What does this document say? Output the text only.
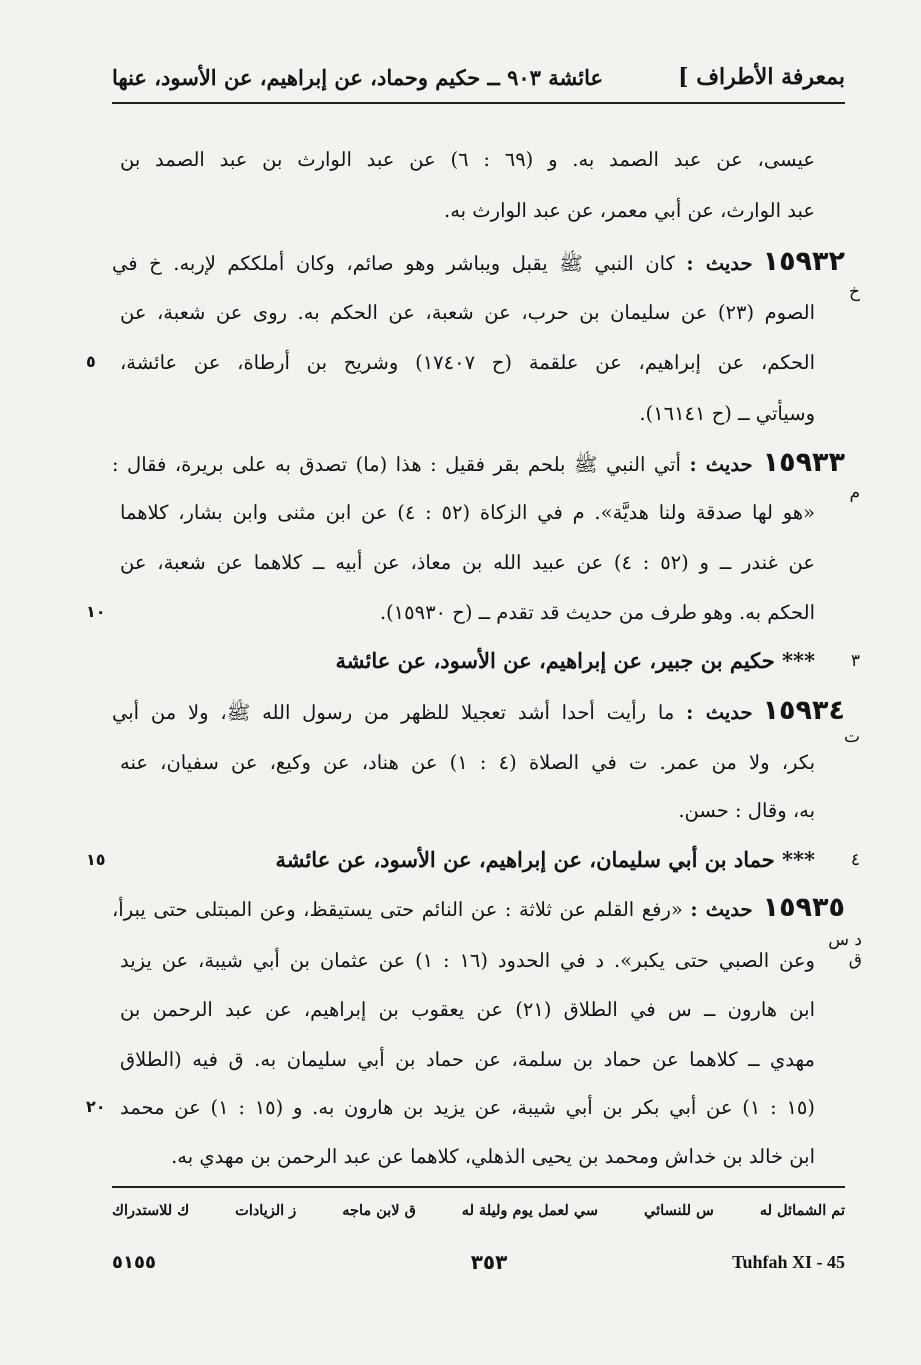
بمعرفة الأطراف ]
عائشة ٩٠٣ ــ حكيم وحماد، عن إبراهيم، عن الأسود، عنها
عيسى، عن عبد الصمد به. و (٦٩ : ٦) عن عبد الوارث بن عبد الصمد بن
عبد الوارث، عن أبي معمر، عن عبد الوارث به.
١٥٩٣٢حديث : كان النبي ﷺ يقبل ويباشر وهو صائم، وكان أملككم لإربه. خ في
خ
الصوم (٢٣) عن سليمان بن حرب، عن شعبة، عن الحكم به. روى عن شعبة، عن
الحكم، عن إبراهيم، عن علقمة (ح ١٧٤٠٧) وشريح بن أرطاة، عن عائشة،
٥
وسيأتي ــ (ح ١٦١٤١).
١٥٩٣٣حديث : أتي النبي ﷺ بلحم بقر فقيل : هذا (ما) تصدق به على بريرة، فقال :
م
«هو لها صدقة ولنا هديَّة». م في الزكاة (٥٢ : ٤) عن ابن مثنى وابن بشار، كلاهما
عن غندر ــ و (٥٢ : ٤) عن عبيد الله بن معاذ، عن أبيه ــ كلاهما عن شعبة، عن
الحكم به. وهو طرف من حديث قد تقدم ــ (ح ١٥٩٣٠).
١٠
٣
*** حكيم بن جبير، عن إبراهيم، عن الأسود، عن عائشة
١٥٩٣٤حديث : ما رأيت أحدا أشد تعجيلا للظهر من رسول الله ﷺ، ولا من أبي
ت
بكر، ولا من عمر. ت في الصلاة (٤ : ١) عن هناد، عن وكيع، عن سفيان، عنه
به، وقال : حسن.
٤
*** حماد بن أبي سليمان، عن إبراهيم، عن الأسود، عن عائشة
١٥
١٥٩٣٥حديث : «رفع القلم عن ثلاثة : عن النائم حتى يستيقظ، وعن المبتلى حتى يبرأ،
د س ق
وعن الصبي حتى يكبر». د في الحدود (١٦ : ١) عن عثمان بن أبي شيبة، عن يزيد
ابن هارون ــ س في الطلاق (٢١) عن يعقوب بن إبراهيم، عن عبد الرحمن بن
مهدي ــ كلاهما عن حماد بن سلمة، عن حماد بن أبي سليمان به. ق فيه (الطلاق
(١٥ : ١) عن أبي بكر بن أبي شيبة، عن يزيد بن هارون به. و (١٥ : ١) عن محمد
٢٠
ابن خالد بن خداش ومحمد بن يحيى الذهلي، كلاهما عن عبد الرحمن بن مهدي به.
تم الشمائل له
س للنسائي
سي لعمل يوم وليلة له
ق لابن ماجه
ز الزيادات
ك للاستدراك
٥١٥٥	٣٥٣	Tuhfah XI - 45
